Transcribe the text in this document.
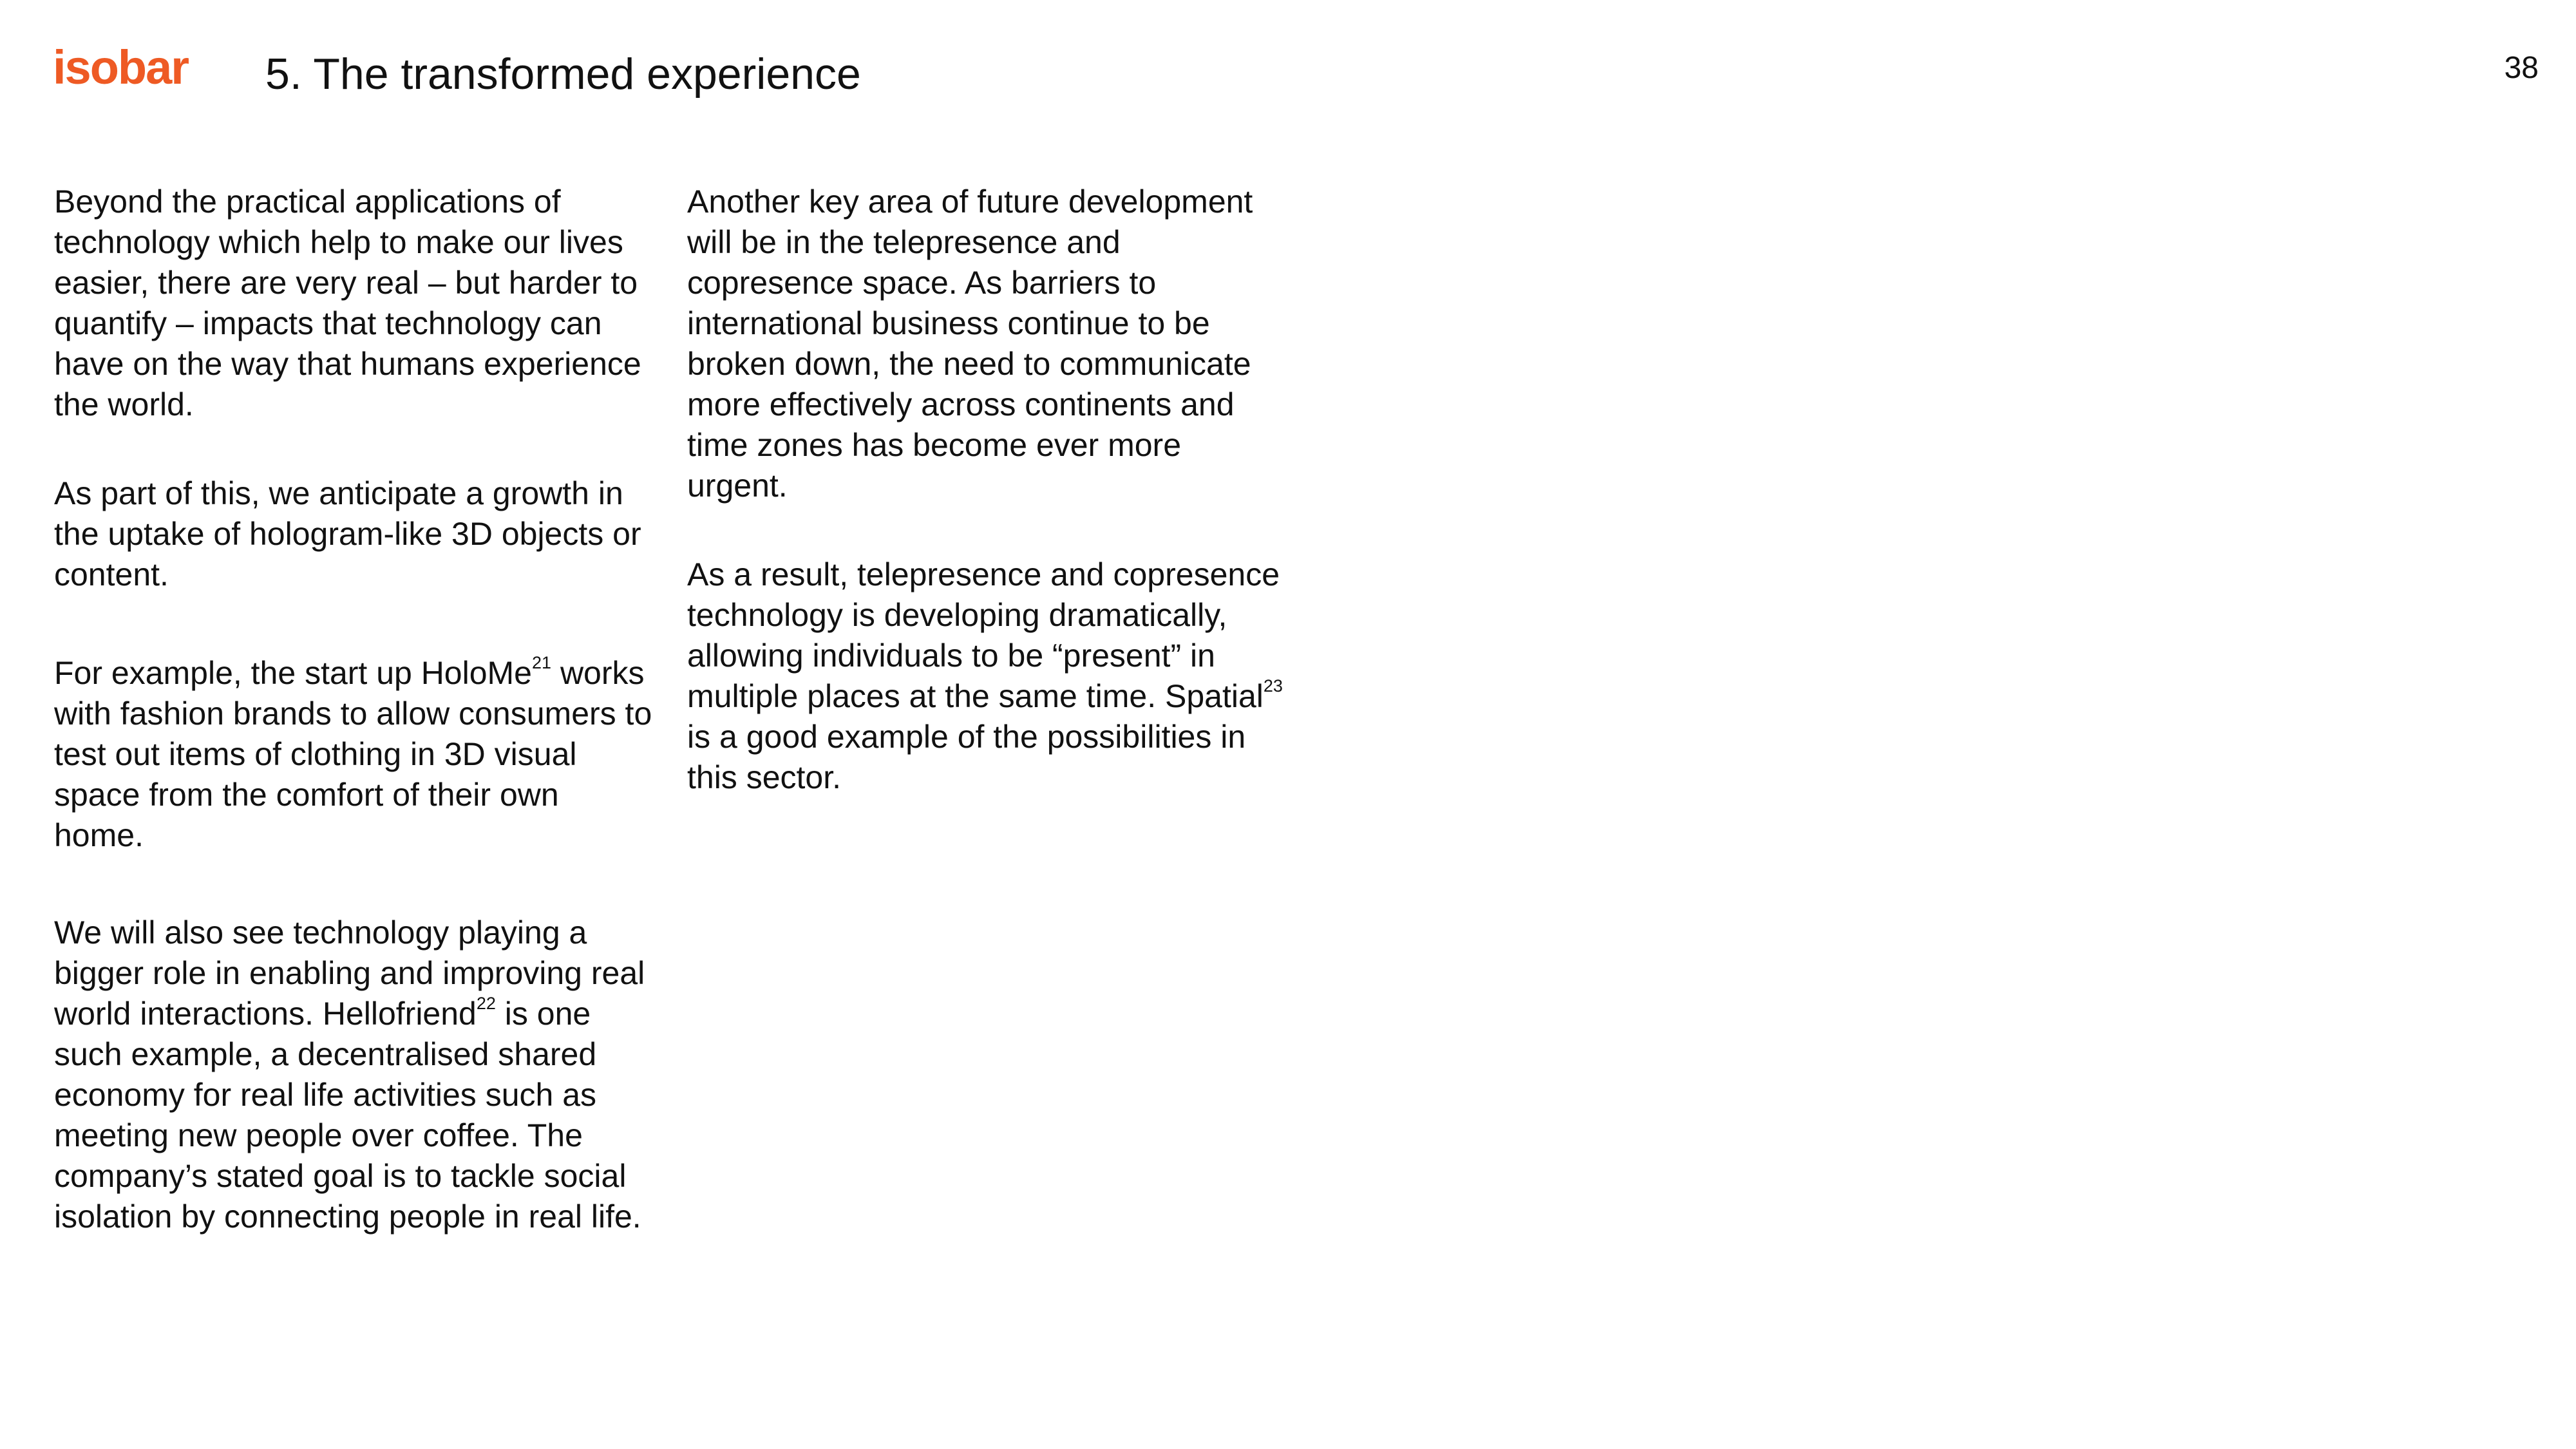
isobar 5. The transformed experience	38

Beyond the practical applications of technology which help to make our lives easier, there are very real – but harder to quantify – impacts that technology can have on the way that humans experience the world.

As part of this, we anticipate a growth in the uptake of hologram-like 3D objects or content.

For example, the start up HoloMe$^{21}$ works with fashion brands to allow consumers to test out items of clothing in 3D visual space from the comfort of their own home.

We will also see technology playing a bigger role in enabling and improving real world interactions. Hellofriend$^{22}$ is one such example, a decentralised shared economy for real life activities such as meeting new people over coffee. The company’s stated goal is to tackle social isolation by connecting people in real life.

Another key area of future development will be in the telepresence and copresence space. As barriers to international business continue to be broken down, the need to communicate more effectively across continents and time zones has become ever more urgent.

As a result, telepresence and copresence technology is developing dramatically, allowing individuals to be “present” in multiple places at the same time. Spatial$^{23}$ is a good example of the possibilities in this sector.
